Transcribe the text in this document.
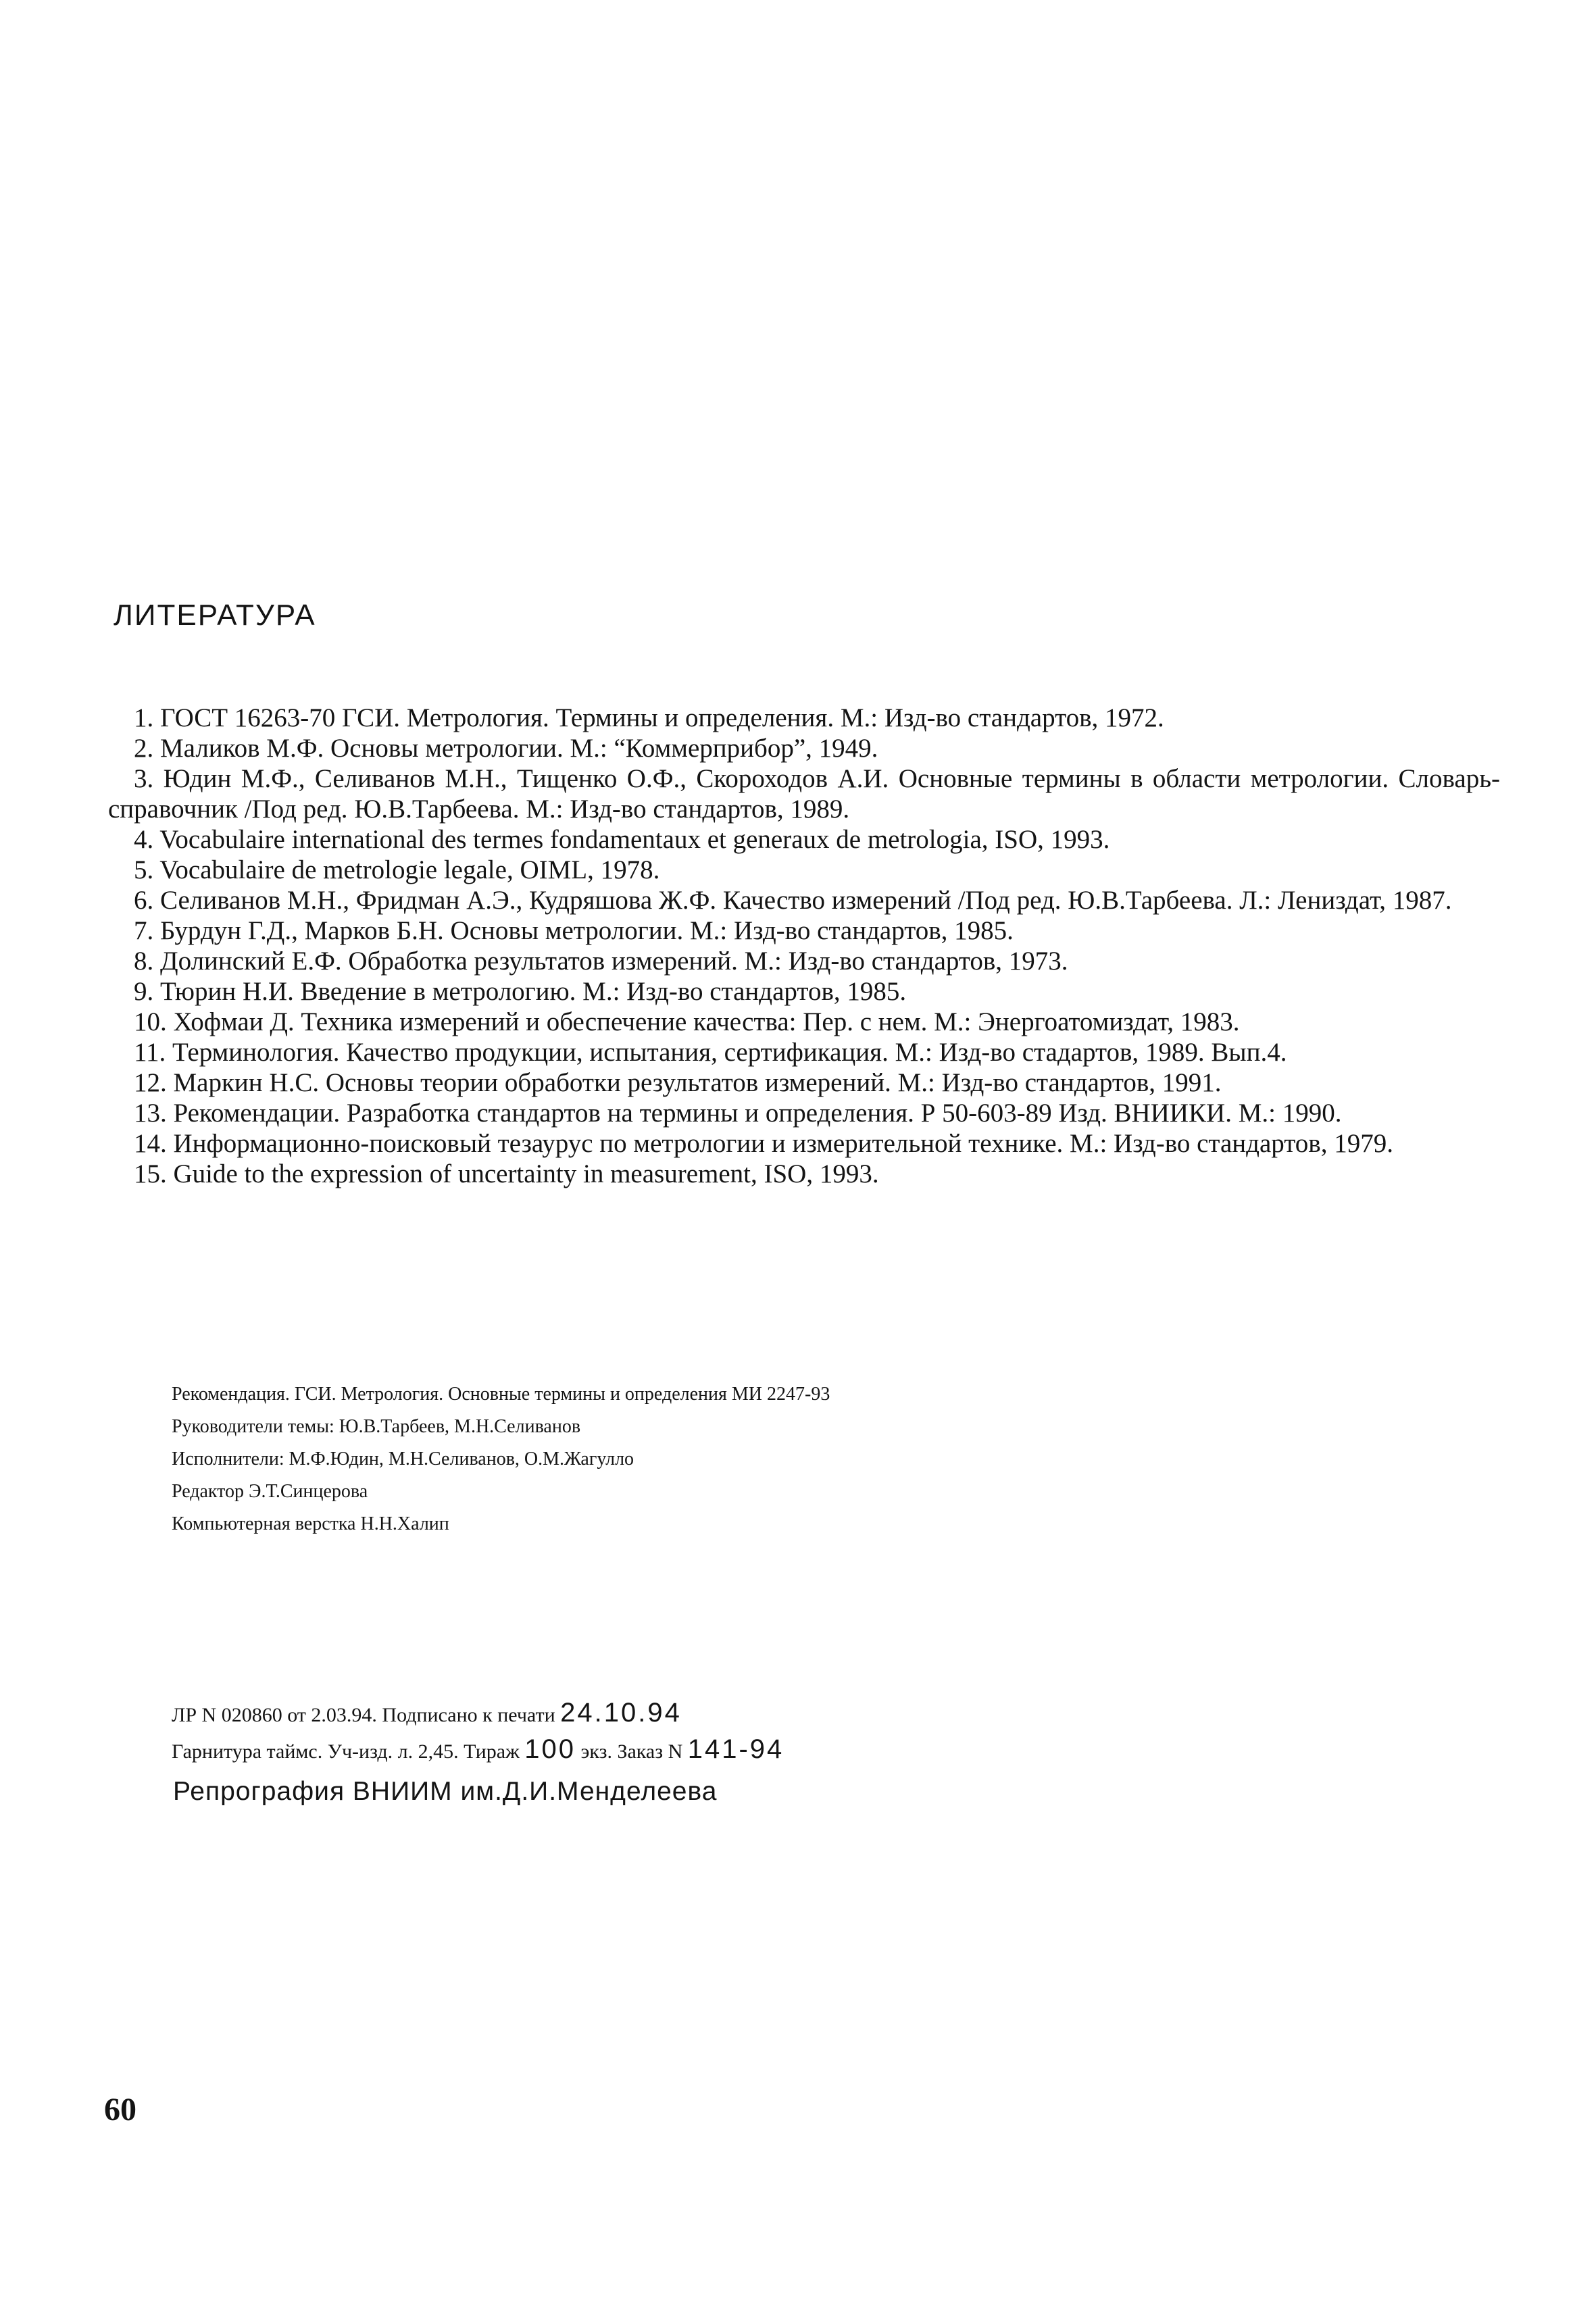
ЛИТЕРАТУРА

1. ГОСТ 16263-70 ГСИ. Метрология. Термины и определения. М.: Изд-во стандартов, 1972.

2. Маликов М.Ф. Основы метрологии. М.: “Коммерприбор”, 1949.

3. Юдин М.Ф., Селиванов М.Н., Тищенко О.Ф., Скороходов А.И. Основные термины в области метрологии. Словарь-справочник /Под ред. Ю.В.Тарбеева. М.: Изд-во стандартов, 1989.

4. Vocabulaire international des termes fondamentaux et generaux de metrologia, ISO, 1993.

5. Vocabulaire de metrologie legale, OIML, 1978.

6. Селиванов М.Н., Фридман А.Э., Кудряшова Ж.Ф. Качество измерений /Под ред. Ю.В.Тарбеева. Л.: Лениздат, 1987.

7. Бурдун Г.Д., Марков Б.Н. Основы метрологии. М.: Изд-во стандартов, 1985.

8. Долинский Е.Ф. Обработка результатов измерений. М.: Изд-во стандартов, 1973.

9. Тюрин Н.И. Введение в метрологию. М.: Изд-во стандартов, 1985.

10. Хофмаи Д. Техника измерений и обеспечение качества: Пер. с нем. М.: Энергоатомиздат, 1983.

11. Терминология. Качество продукции, испытания, сертификация. М.: Изд-во стадартов, 1989. Вып.4.

12. Маркин Н.С. Основы теории обработки результатов измерений. М.: Изд-во стандартов, 1991.

13. Рекомендации. Разработка стандартов на термины и определения. Р 50-603-89 Изд. ВНИИКИ. М.: 1990.

14. Информационно-поисковый тезаурус по метрологии и измерительной технике. М.: Изд-во стандартов, 1979.

15. Guide to the expression of uncertainty in measurement, ISO, 1993.

Рекомендация. ГСИ. Метрология. Основные термины и определения МИ 2247-93
Руководители темы: Ю.В.Тарбеев, М.Н.Селиванов
Исполнители: М.Ф.Юдин, М.Н.Селиванов, О.М.Жагулло
Редактор Э.Т.Синцерова
Компьютерная верстка Н.Н.Халип
ЛР N 020860 от 2.03.94. Подписано к печати 24.10.94
Гарнитура таймс. Уч-изд. л. 2,45. Тираж 100 экз. Заказ N 141-94
Репрография ВНИИМ им.Д.И.Менделеева
60
